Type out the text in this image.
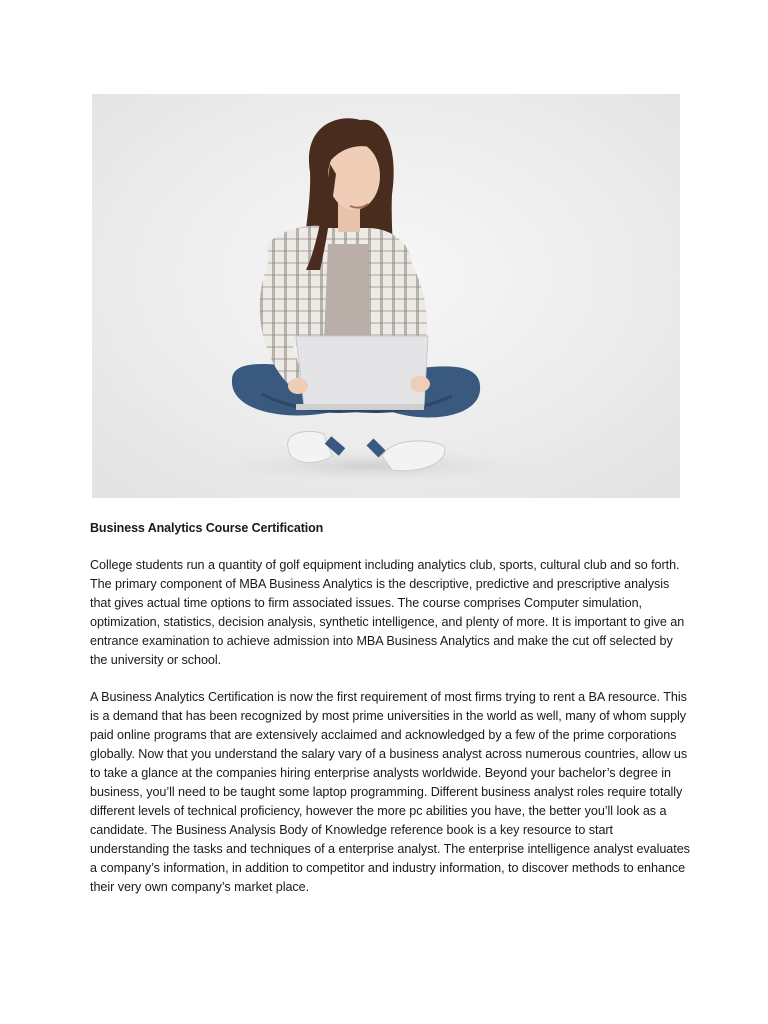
Business Analytics Course Certification

College students run a quantity of golf equipment including analytics club, sports, cultural club and so forth. The primary component of MBA Business Analytics is the descriptive, predictive and prescriptive analysis that gives actual time options to firm associated issues. The course comprises Computer simulation, optimization, statistics, decision analysis, synthetic intelligence, and plenty of more. It is important to give an entrance examination to achieve admission into MBA Business Analytics and make the cut off selected by the university or school.

A Business Analytics Certification is now the first requirement of most firms trying to rent a BA resource. This is a demand that has been recognized by most prime universities in the world as well, many of whom supply paid online programs that are extensively acclaimed and acknowledged by a few of the prime corporations globally. Now that you understand the salary vary of a business analyst across numerous countries, allow us to take a glance at the companies hiring enterprise analysts worldwide. Beyond your bachelor’s degree in business, you’ll need to be taught some laptop programming. Different business analyst roles require totally different levels of technical proficiency, however the more pc abilities you have, the better you’ll look as a candidate. The Business Analysis Body of Knowledge reference book is a key resource to start understanding the tasks and techniques of a enterprise analyst. The enterprise intelligence analyst evaluates a company’s information, in addition to competitor and industry information, to discover methods to enhance their very own company’s market place.
